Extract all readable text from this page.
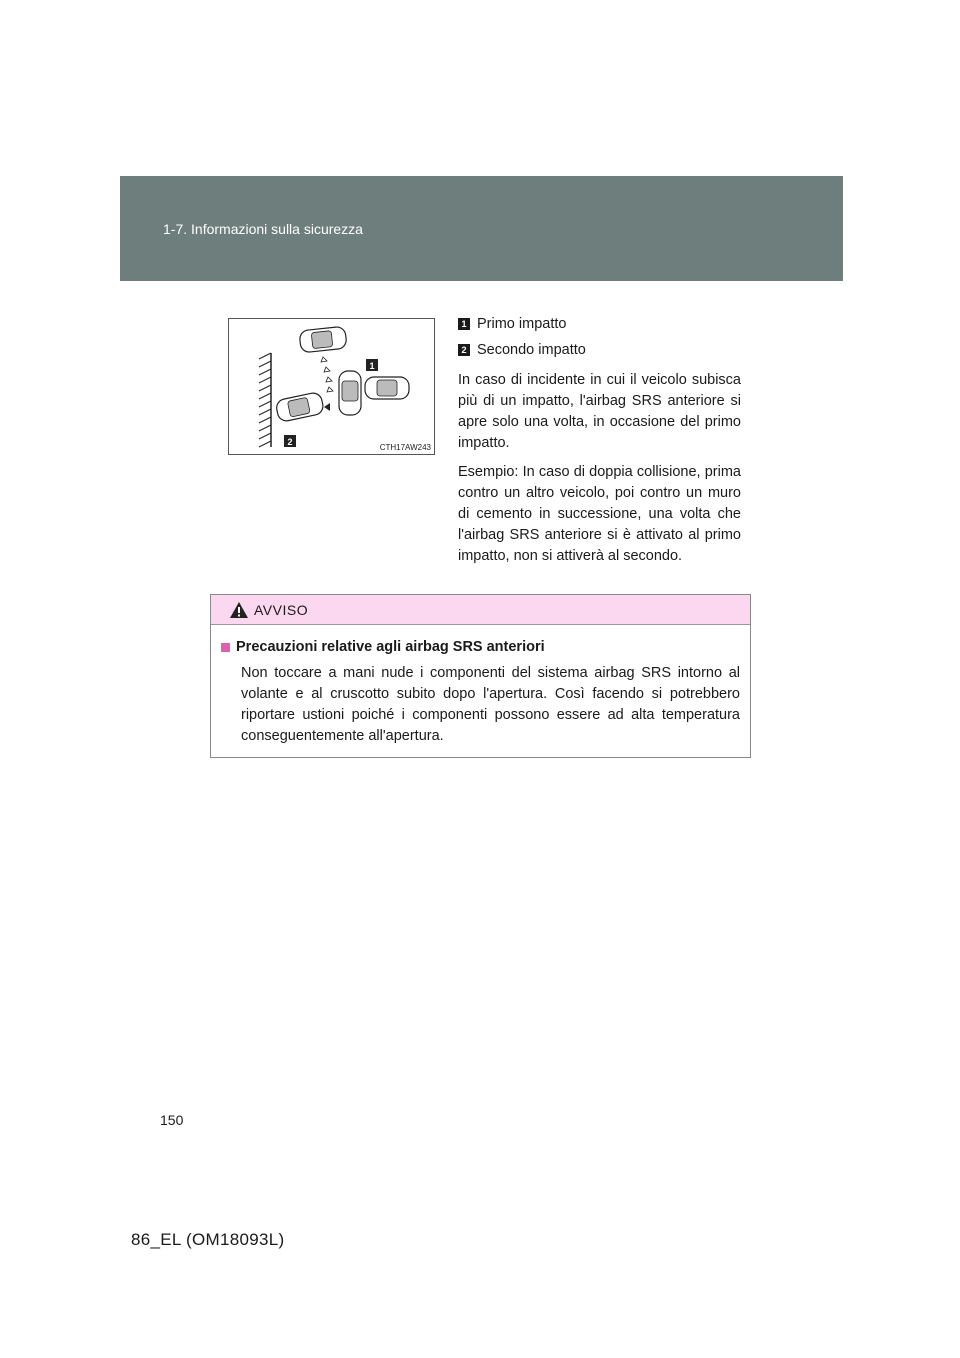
1-7. Informazioni sulla sicurezza
1
2
CTH17AW243
1 Primo impatto
2 Secondo impatto

In caso di incidente in cui il veicolo subisca più di un impatto, l'airbag SRS anteriore si apre solo una volta, in occasione del primo impatto.

Esempio: In caso di doppia collisione, prima contro un altro veicolo, poi contro un muro di cemento in successione, una volta che l'airbag SRS anteriore si è attivato al primo impatto, non si attiverà al secondo.

AVVISO
Precauzioni relative agli airbag SRS anteriori

Non toccare a mani nude i componenti del sistema airbag SRS intorno al volante e al cruscotto subito dopo l'apertura. Così facendo si potrebbero riportare ustioni poiché i componenti possono essere ad alta temperatura conseguentemente all'apertura.

150
86_EL (OM18093L)
